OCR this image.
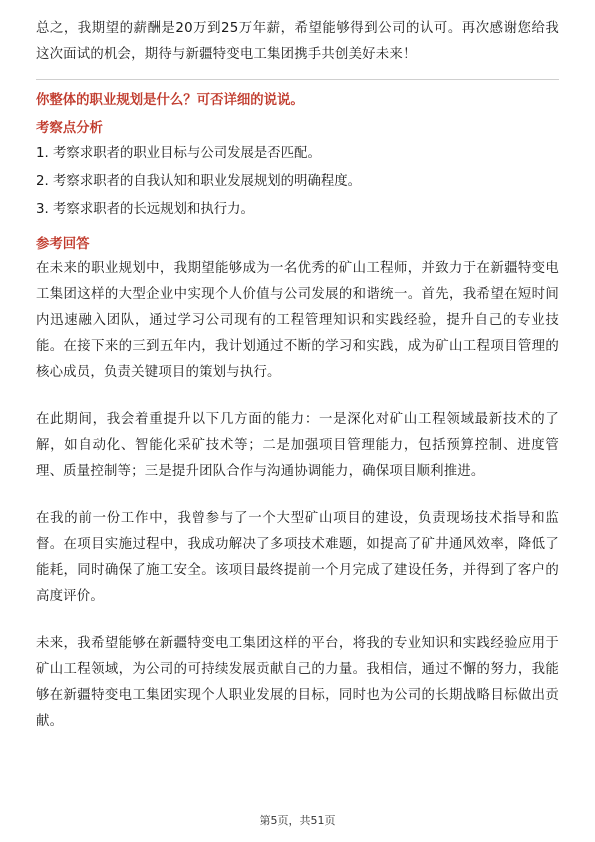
总之，我期望的薪酬是20万到25万年薪，希望能够得到公司的认可。再次感谢您给我这次面试的机会，期待与新疆特变电工集团携手共创美好未来！

你整体的职业规划是什么？可否详细的说说。

考察点分析

1. 考察求职者的职业目标与公司发展是否匹配。

2. 考察求职者的自我认知和职业发展规划的明确程度。

3. 考察求职者的长远规划和执行力。

参考回答

在未来的职业规划中，我期望能够成为一名优秀的矿山工程师，并致力于在新疆特变电工集团这样的大型企业中实现个人价值与公司发展的和谐统一。首先，我希望在短时间内迅速融入团队，通过学习公司现有的工程管理知识和实践经验，提升自己的专业技能。在接下来的三到五年内，我计划通过不断的学习和实践，成为矿山工程项目管理的核心成员，负责关键项目的策划与执行。

在此期间，我会着重提升以下几方面的能力：一是深化对矿山工程领域最新技术的了解，如自动化、智能化采矿技术等；二是加强项目管理能力，包括预算控制、进度管理、质量控制等；三是提升团队合作与沟通协调能力，确保项目顺利推进。

在我的前一份工作中，我曾参与了一个大型矿山项目的建设，负责现场技术指导和监督。在项目实施过程中，我成功解决了多项技术难题，如提高了矿井通风效率，降低了能耗，同时确保了施工安全。该项目最终提前一个月完成了建设任务，并得到了客户的高度评价。

未来，我希望能够在新疆特变电工集团这样的平台，将我的专业知识和实践经验应用于矿山工程领域，为公司的可持续发展贡献自己的力量。我相信，通过不懈的努力，我能够在新疆特变电工集团实现个人职业发展的目标，同时也为公司的长期战略目标做出贡献。

第5页，共51页
